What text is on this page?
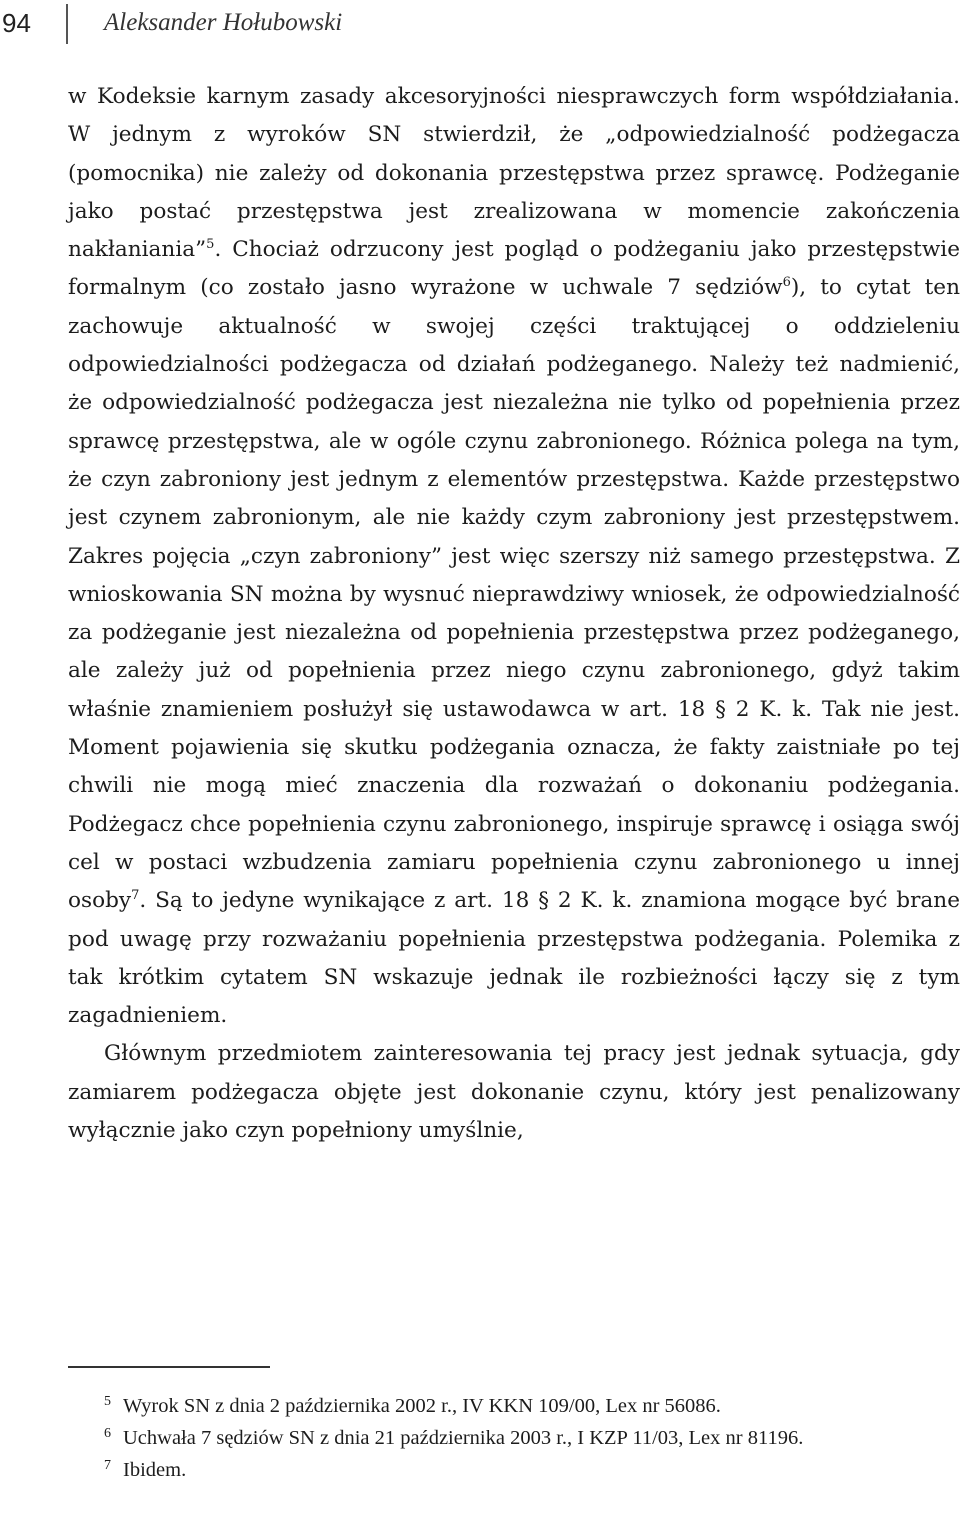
94	Aleksander Hołubowski

w Kodeksie karnym zasady akcesoryjności niesprawczych form współdziałania. W jednym z wyroków SN stwierdził, że „odpowiedzialność podżegacza (pomocnika) nie zależy od dokonania przestępstwa przez sprawcę. Podżeganie jako postać przestępstwa jest zrealizowana w momencie zakończenia nakłaniania”$^5$. Chociaż odrzucony jest pogląd o podżeganiu jako przestępstwie formalnym (co zostało jasno wyrażone w uchwale 7 sędziów$^6$), to cytat ten zachowuje aktualność w swojej części traktującej o oddzieleniu odpowiedzialności podżegacza od działań podżeganego. Należy też nadmienić, że odpowiedzialność podżegacza jest niezależna nie tylko od popełnienia przez sprawcę przestępstwa, ale w ogóle czynu zabronionego. Różnica polega na tym, że czyn zabroniony jest jednym z elementów przestępstwa. Każde przestępstwo jest czynem zabronionym, ale nie każdy czym zabroniony jest przestępstwem. Zakres pojęcia „czyn zabroniony” jest więc szerszy niż samego przestępstwa. Z wnioskowania SN można by wysnuć nieprawdziwy wniosek, że odpowiedzialność za podżeganie jest niezależna od popełnienia przestępstwa przez podżeganego, ale zależy już od popełnienia przez niego czynu zabronionego, gdyż takim właśnie znamieniem posłużył się ustawodawca w art. 18 § 2 K. k. Tak nie jest. Moment pojawienia się skutku podżegania oznacza, że fakty zaistniałe po tej chwili nie mogą mieć znaczenia dla rozważań o dokonaniu podżegania. Podżegacz chce popełnienia czynu zabronionego, inspiruje sprawcę i osiąga swój cel w postaci wzbudzenia zamiaru popełnienia czynu zabronionego u innej osoby$^7$. Są to jedyne wynikające z art. 18 § 2 K. k. znamiona mogące być brane pod uwagę przy rozważaniu popełnienia przestępstwa podżegania. Polemika z tak krótkim cytatem SN wskazuje jednak ile rozbieżności łączy się z tym zagadnieniem.

Głównym przedmiotem zainteresowania tej pracy jest jednak sytuacja, gdy zamiarem podżegacza objęte jest dokonanie czynu, który jest penalizowany wyłącznie jako czyn popełniony umyślnie,

$^5$ Wyrok SN z dnia 2 października 2002 r., IV KKN 109/00, Lex nr 56086.

$^6$ Uchwała 7 sędziów SN z dnia 21 października 2003 r., I KZP 11/03, Lex nr 81196.

$^7$ Ibidem.
